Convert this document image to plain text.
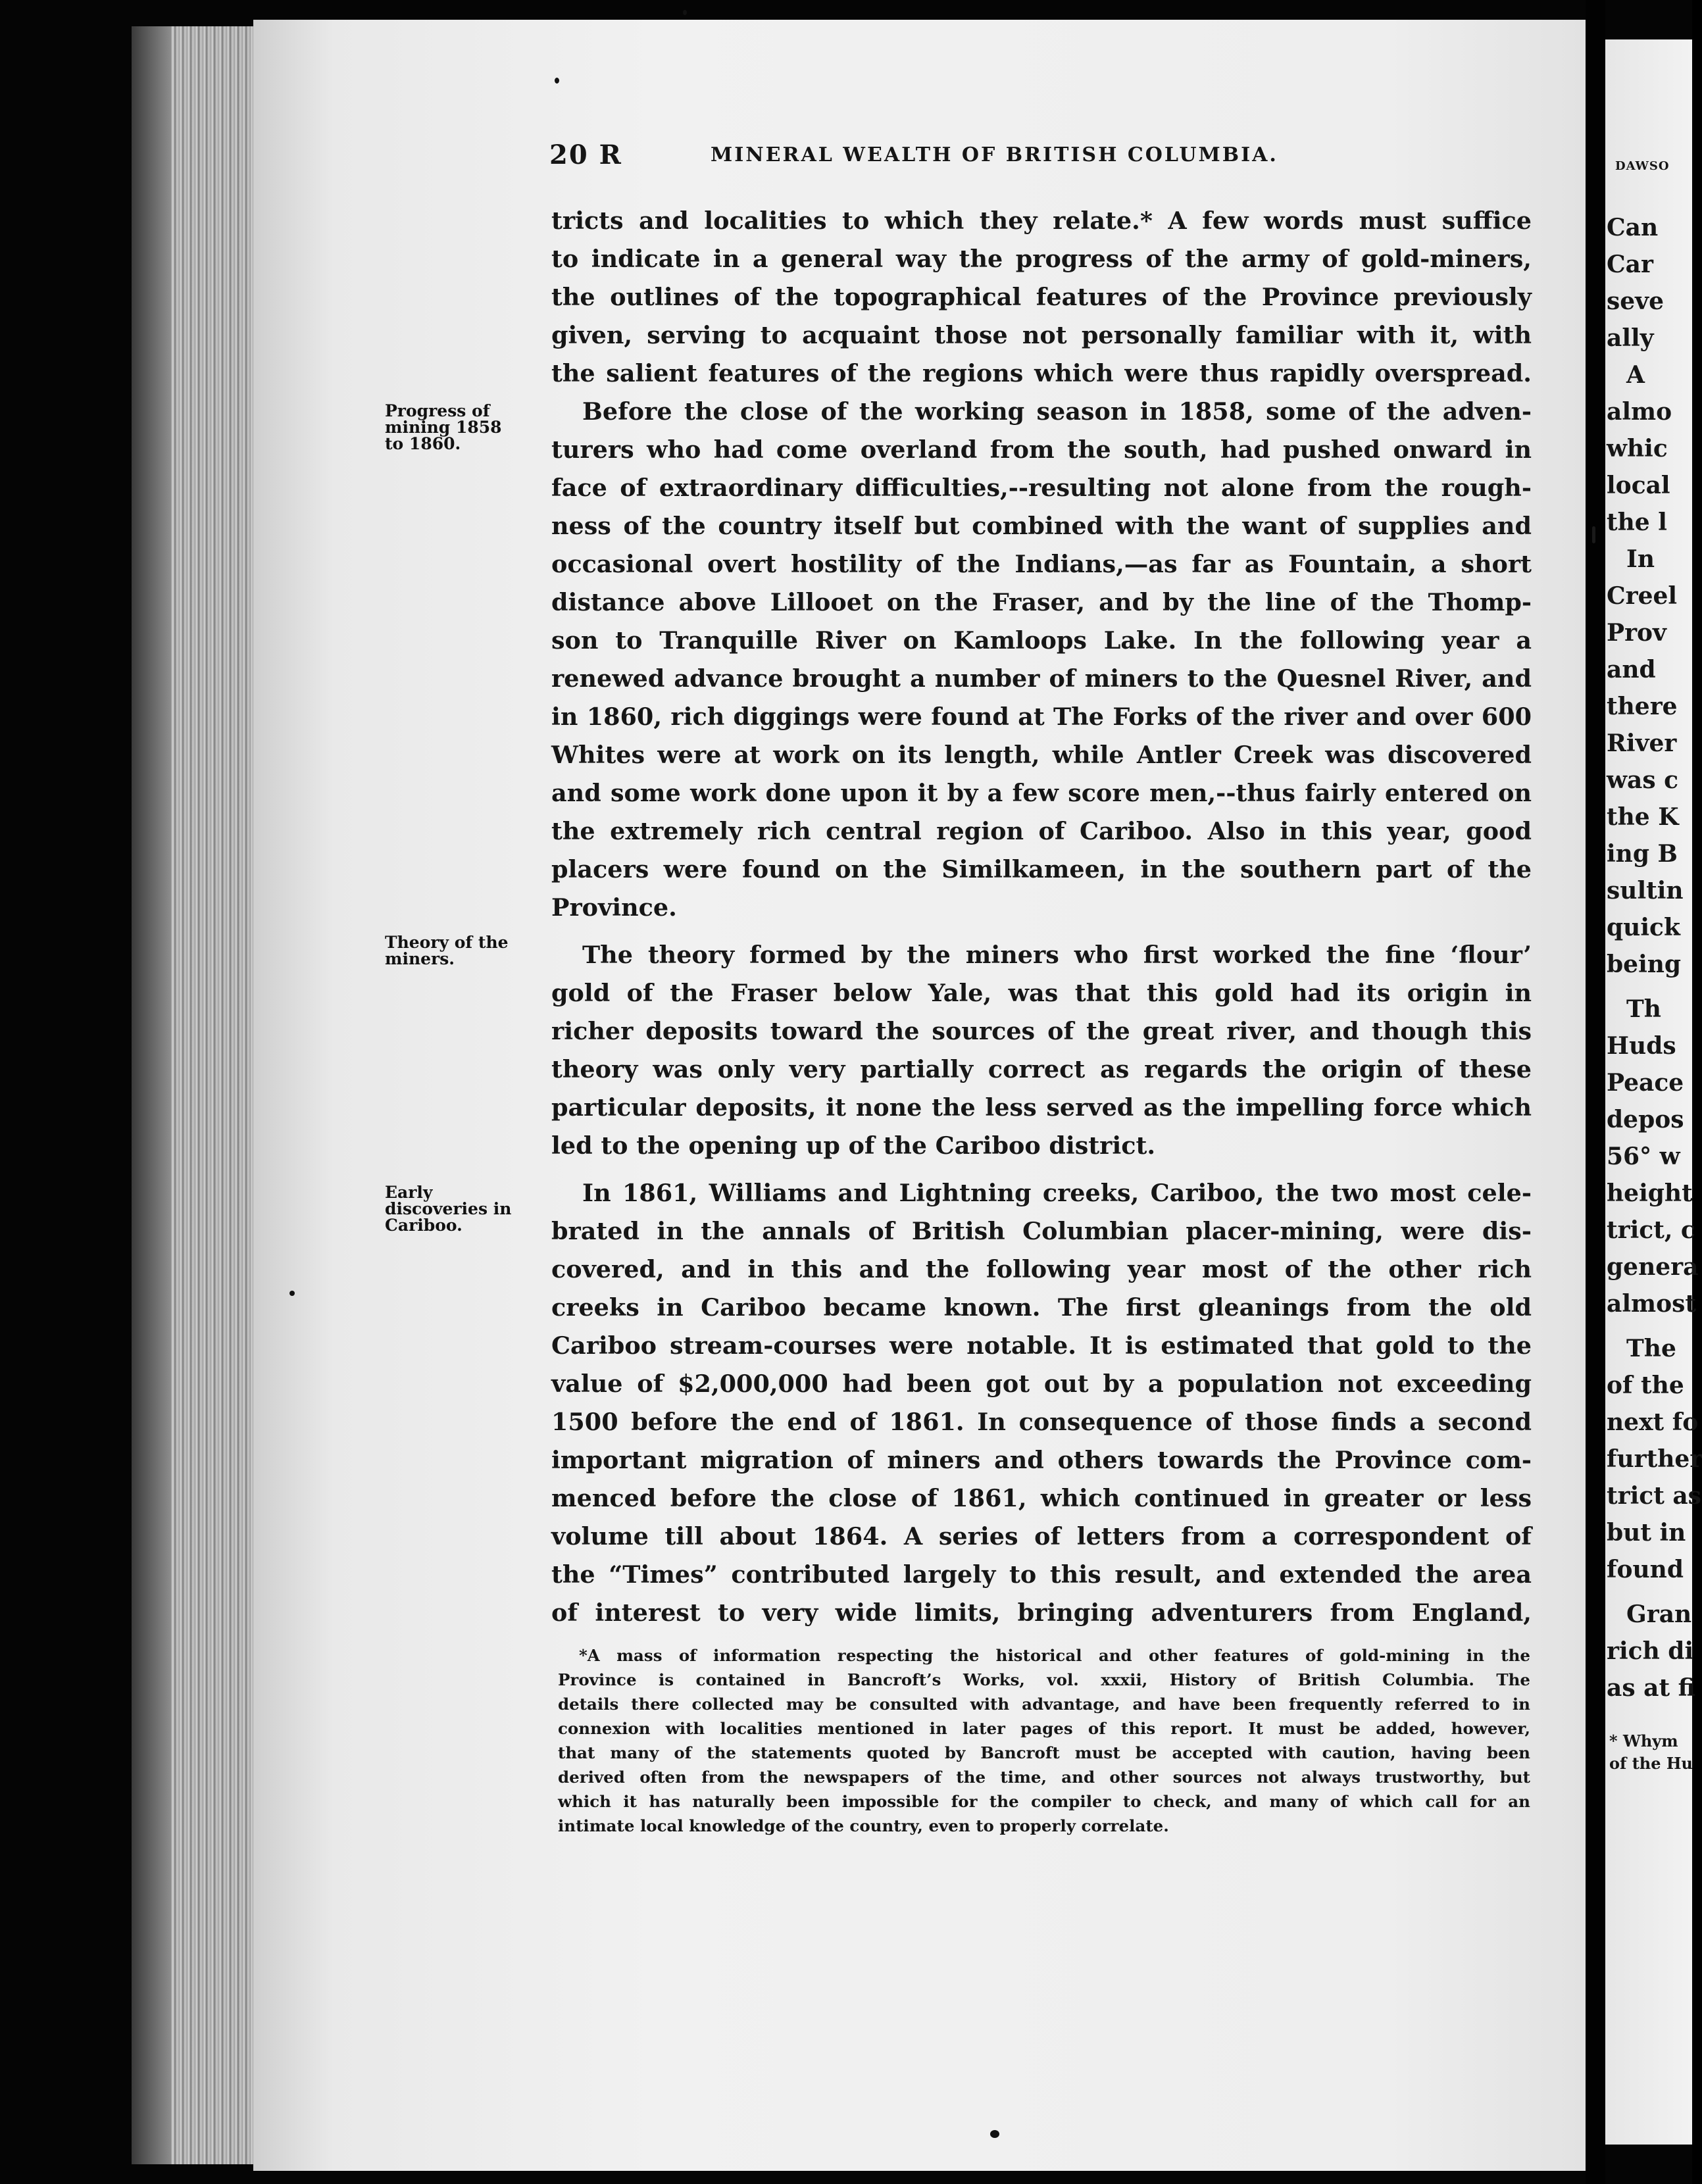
20 R	MINERAL WEALTH OF BRITISH COLUMBIA.
Progress of mining 1858 to 1860.
Theory of the miners.
Early discoveries in Cariboo.
tricts and localities to which they relate.* A few words must suffice
to indicate in a general way the progress of the army of gold-miners,
the outlines of the topographical features of the Province previously
given, serving to acquaint those not personally familiar with it, with
the salient features of the regions which were thus rapidly overspread.
Before the close of the working season in 1858, some of the adven-
turers who had come overland from the south, had pushed onward in
face of extraordinary difficulties,--resulting not alone from the rough-
ness of the country itself but combined with the want of supplies and
occasional overt hostility of the Indians,—as far as Fountain, a short
distance above Lillooet on the Fraser, and by the line of the Thomp-
son to Tranquille River on Kamloops Lake. In the following year a
renewed advance brought a number of miners to the Quesnel River, and
in 1860, rich diggings were found at The Forks of the river and over 600
Whites were at work on its length, while Antler Creek was discovered
and some work done upon it by a few score men,--thus fairly entered on
the extremely rich central region of Cariboo. Also in this year, good
placers were found on the Similkameen, in the southern part of the
Province.
The theory formed by the miners who first worked the fine ‘flour’
gold of the Fraser below Yale, was that this gold had its origin in
richer deposits toward the sources of the great river, and though this
theory was only very partially correct as regards the origin of these
particular deposits, it none the less served as the impelling force which
led to the opening up of the Cariboo district.
In 1861, Williams and Lightning creeks, Cariboo, the two most cele-
brated in the annals of British Columbian placer-mining, were dis-
covered, and in this and the following year most of the other rich
creeks in Cariboo became known. The first gleanings from the old
Cariboo stream-courses were notable. It is estimated that gold to the
value of $2,000,000 had been got out by a population not exceeding
1500 before the end of 1861. In consequence of those finds a second
important migration of miners and others towards the Province com-
menced before the close of 1861, which continued in greater or less
volume till about 1864. A series of letters from a correspondent of
the “Times” contributed largely to this result, and extended the area
of interest to very wide limits, bringing adventurers from England,
*A mass of information respecting the historical and other features of gold-mining in the
Province is contained in Bancroft’s Works, vol. xxxii, History of British Columbia. The
details there collected may be consulted with advantage, and have been frequently referred to in
connexion with localities mentioned in later pages of this report. It must be added, however,
that many of the statements quoted by Bancroft must be accepted with caution, having been
derived often from the newspapers of the time, and other sources not always trustworthy, but
which it has naturally been impossible for the compiler to check, and many of which call for an
intimate local knowledge of the country, even to properly correlate.
DAWSO
Can
Car
seve
ally
A
almo
whic
local
the l
In
Creel
Prov
and
there
River
was c
the K
ing B
sultin
quick
being
Th
Huds
Peace
depos
56° w
height
trict, c
genera
almost
The
of the
next fo
further
trict as
but in
found
Gran
rich di
as at fi
* Whym
of the Hu
